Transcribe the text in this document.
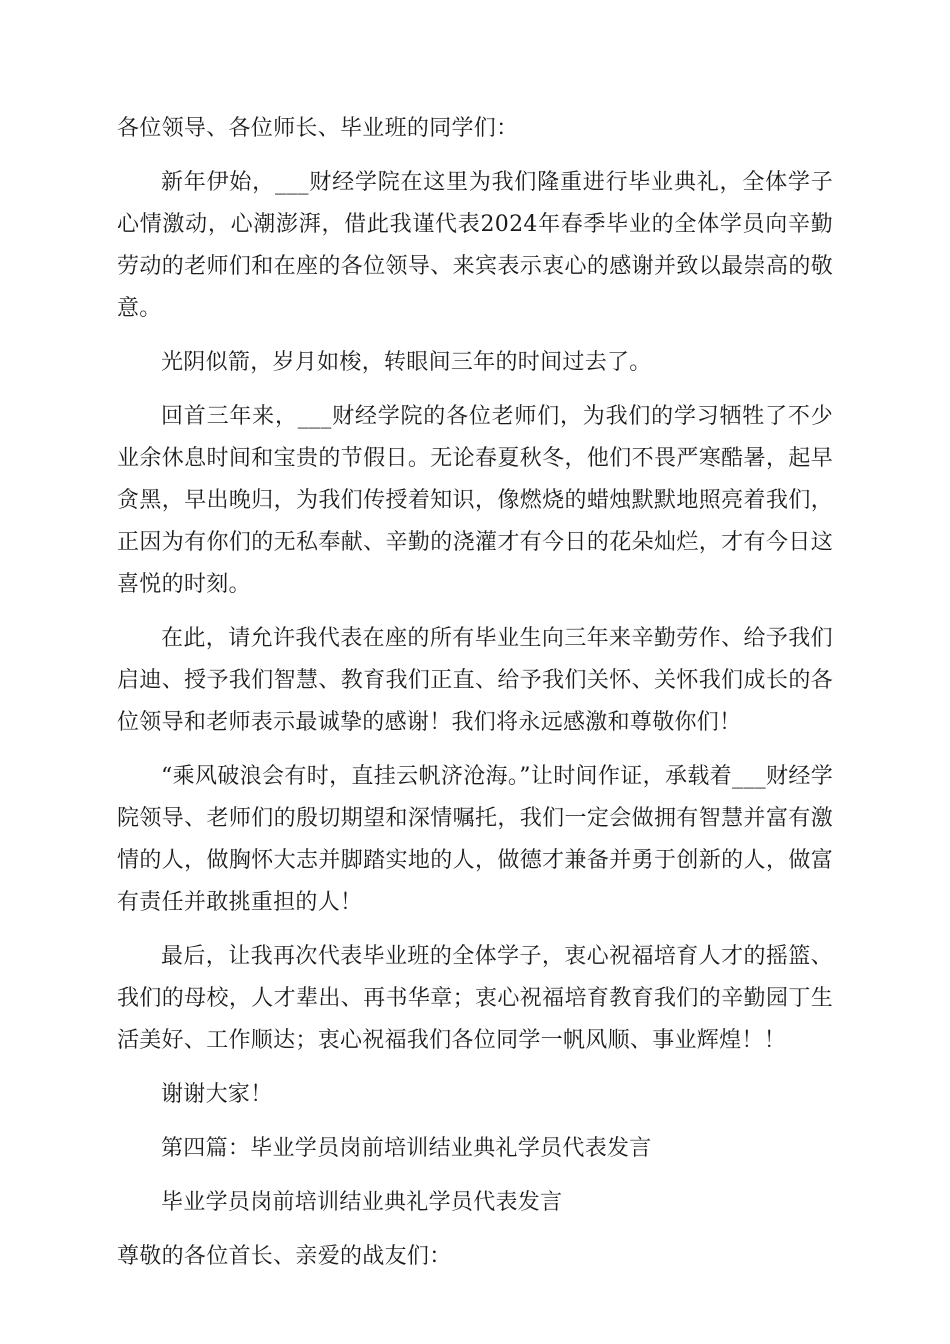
各位领导、各位师长、毕业班的同学们：

新年伊始，___财经学院在这里为我们隆重进行毕业典礼，全体学子心情激动，心潮澎湃，借此我谨代表2024年春季毕业的全体学员向辛勤劳动的老师们和在座的各位领导、来宾表示衷心的感谢并致以最崇高的敬意。

光阴似箭，岁月如梭，转眼间三年的时间过去了。

回首三年来，___财经学院的各位老师们，为我们的学习牺牲了不少业余休息时间和宝贵的节假日。无论春夏秋冬，他们不畏严寒酷暑，起早贪黑，早出晚归，为我们传授着知识，像燃烧的蜡烛默默地照亮着我们，正因为有你们的无私奉献、辛勤的浇灌才有今日的花朵灿烂，才有今日这喜悦的时刻。

在此，请允许我代表在座的所有毕业生向三年来辛勤劳作、给予我们启迪、授予我们智慧、教育我们正直、给予我们关怀、关怀我们成长的各位领导和老师表示最诚挚的感谢！我们将永远感激和尊敬你们！

“乘风破浪会有时，直挂云帆济沧海。”让时间作证，承载着___财经学院领导、老师们的殷切期望和深情嘱托，我们一定会做拥有智慧并富有激情的人，做胸怀大志并脚踏实地的人，做德才兼备并勇于创新的人，做富有责任并敢挑重担的人！

最后，让我再次代表毕业班的全体学子，衷心祝福培育人才的摇篮、我们的母校，人才辈出、再书华章；衷心祝福培育教育我们的辛勤园丁生活美好、工作顺达；衷心祝福我们各位同学一帆风顺、事业辉煌！！

谢谢大家！

第四篇：毕业学员岗前培训结业典礼学员代表发言

毕业学员岗前培训结业典礼学员代表发言

尊敬的各位首长、亲爱的战友们：
